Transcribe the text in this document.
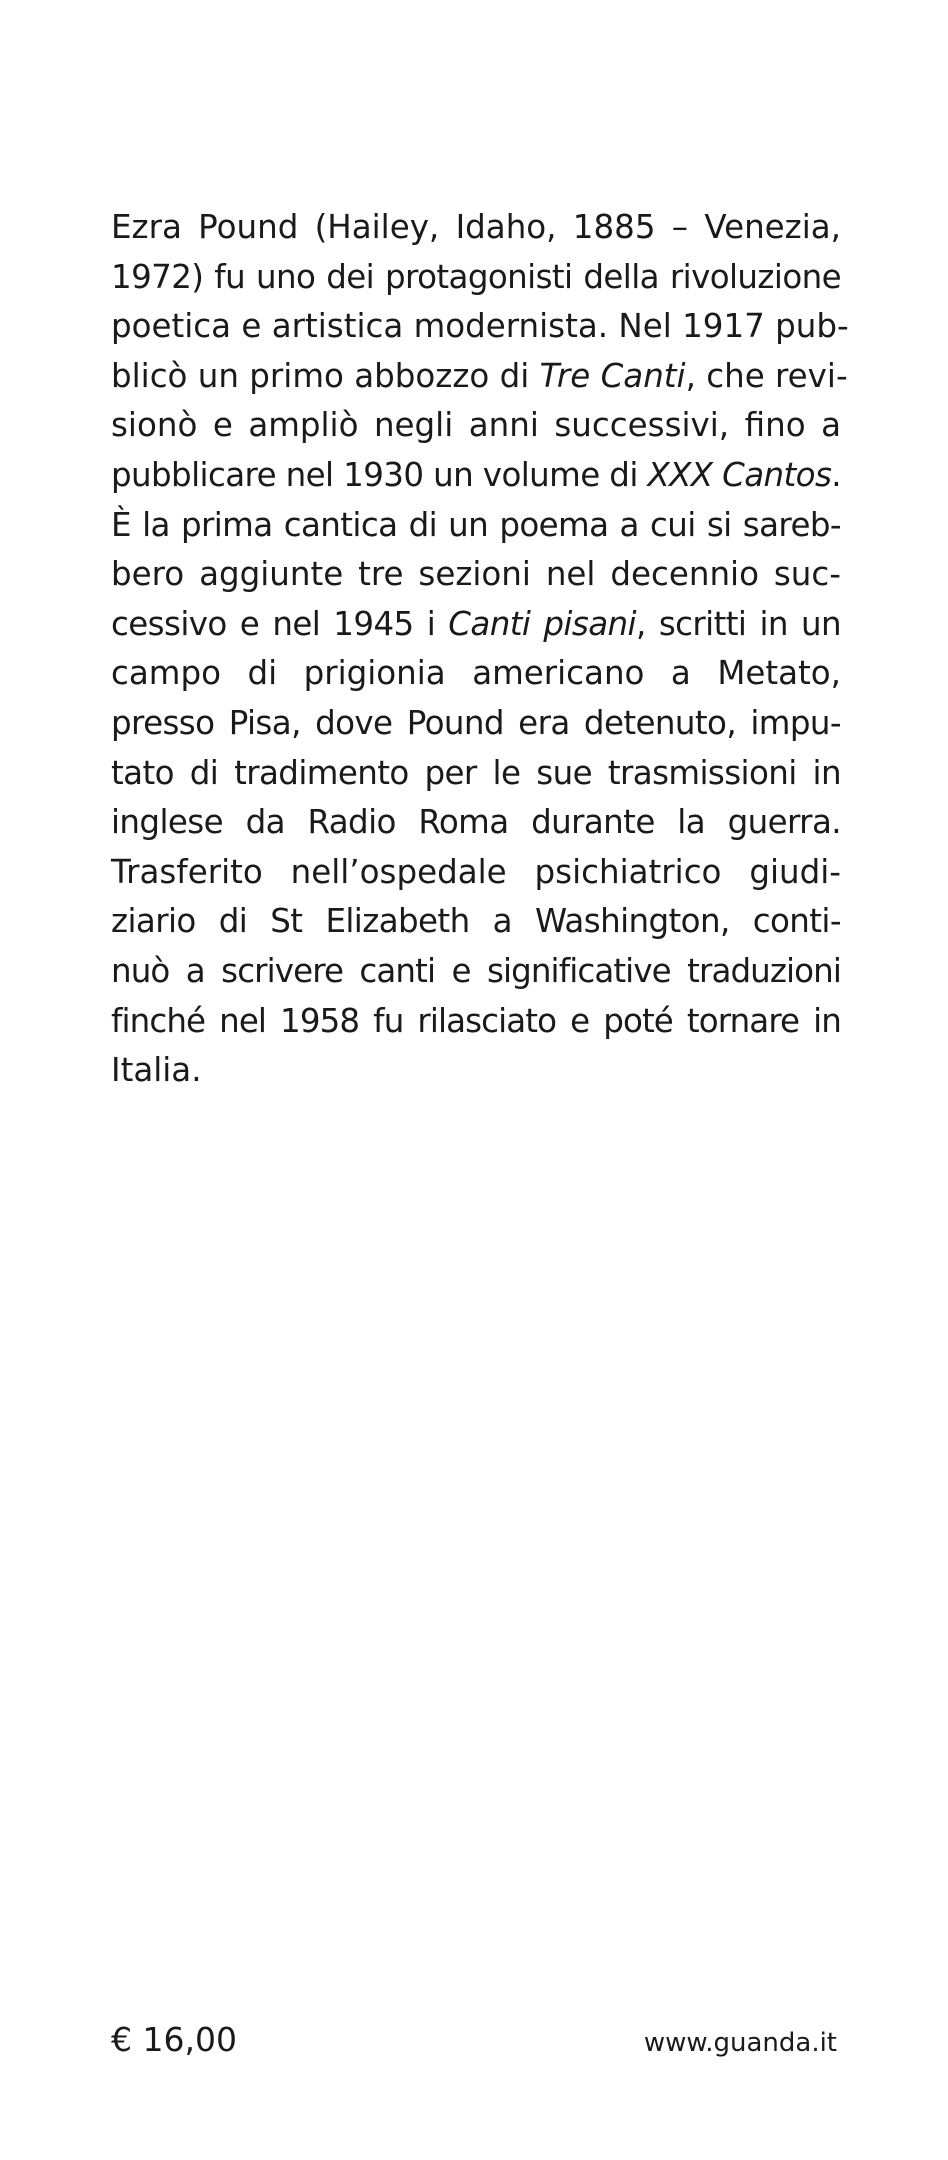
Ezra Pound (Hailey, Idaho, 1885 – Venezia,
1972) fu uno dei protagonisti della rivoluzione
poetica e artistica modernista. Nel 1917 pub-
blicò un primo abbozzo di Tre Canti, che revi-
sionò e ampliò negli anni successivi, fino a
pubblicare nel 1930 un volume di XXX Cantos.
È la prima cantica di un poema a cui si sareb-
bero aggiunte tre sezioni nel decennio suc-
cessivo e nel 1945 i Canti pisani, scritti in un
campo di prigionia americano a Metato,
presso Pisa, dove Pound era detenuto, impu-
tato di tradimento per le sue trasmissioni in
inglese da Radio Roma durante la guerra.
Trasferito nell’ospedale psichiatrico giudi-
ziario di St Elizabeth a Washington, conti-
nuò a scrivere canti e significative traduzioni
finché nel 1958 fu rilasciato e poté tornare in
Italia.
€ 16,00	www.guanda.it
